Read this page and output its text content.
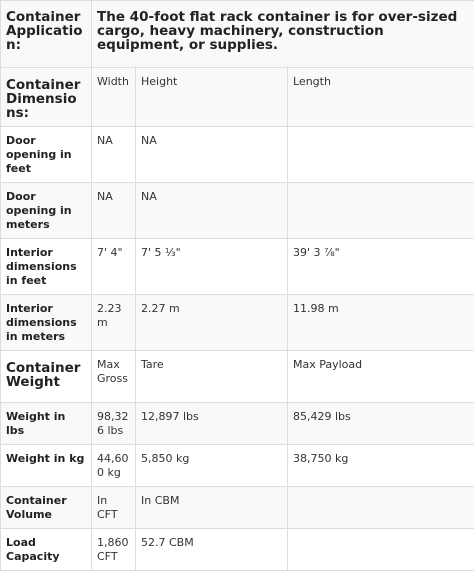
Container Application:	The 40-foot flat rack container is for over-sized cargo, heavy machinery, construction equipment, or supplies.		
Container Dimensions:	Width	Height	Length
Door opening in feet	NA	NA	
Door opening in meters	NA	NA	
Interior dimensions in feet	7' 4"	7' 5 ⅓"	39' 3 ⅞"
Interior dimensions in meters	2.23 m	2.27 m	11.98 m
Container Weight	Max Gross	Tare	Max Payload
Weight in lbs	98,326 lbs	12,897 lbs	85,429 lbs
Weight in kg	44,600 kg	5,850 kg	38,750 kg
Container Volume	In CFT	In CBM	
Load Capacity	1,860 CFT	52.7 CBM	
